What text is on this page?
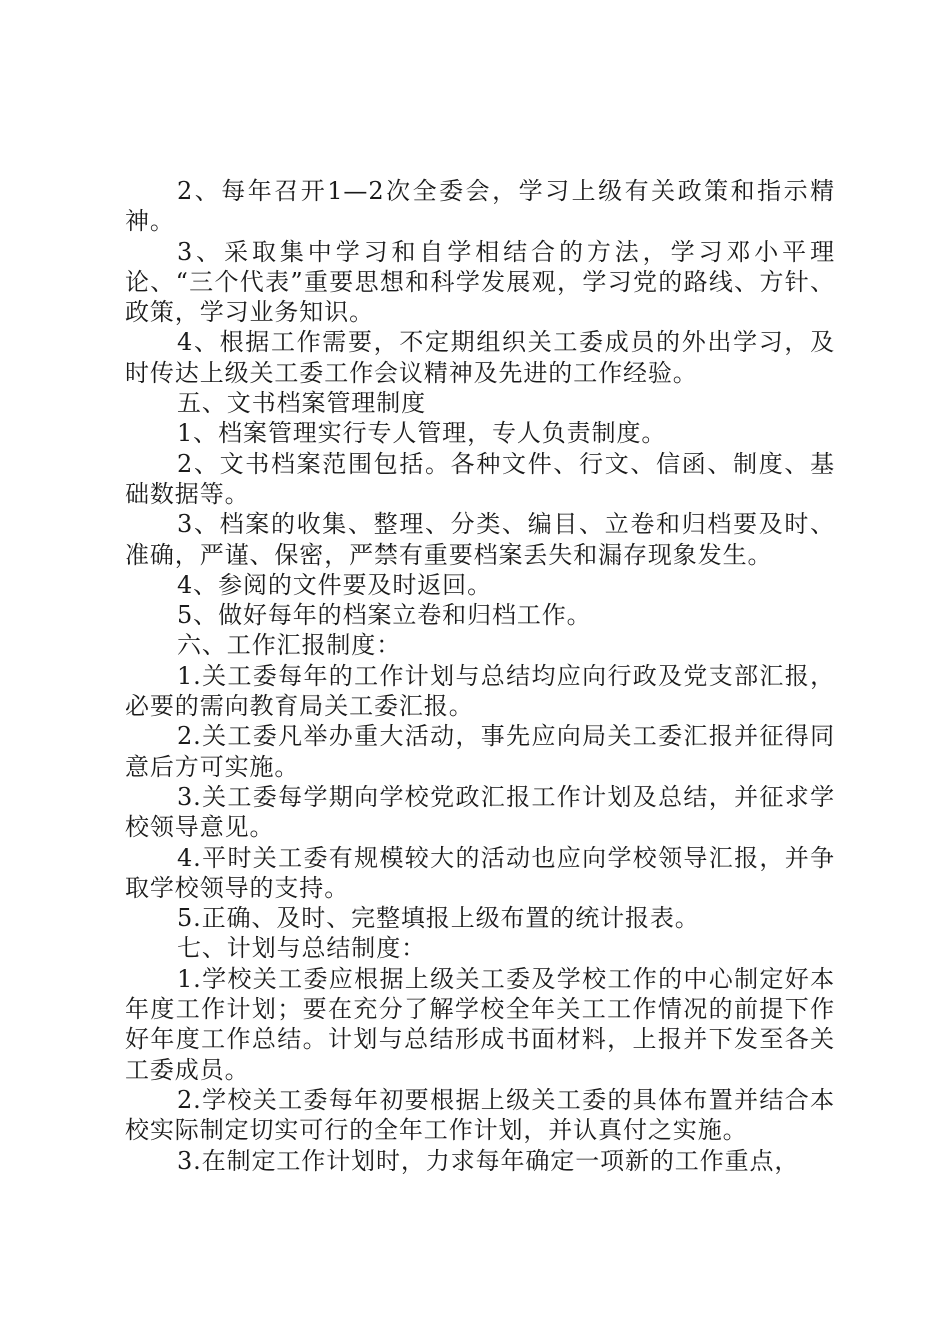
2、每年召开1—2次全委会，学习上级有关政策和指示精神。

3、采取集中学习和自学相结合的方法，学习邓小平理论、“三个代表”重要思想和科学发展观，学习党的路线、方针、政策，学习业务知识。

4、根据工作需要，不定期组织关工委成员的外出学习，及时传达上级关工委工作会议精神及先进的工作经验。

五、文书档案管理制度

1、档案管理实行专人管理，专人负责制度。

2、文书档案范围包括。各种文件、行文、信函、制度、基础数据等。

3、档案的收集、整理、分类、编目、立卷和归档要及时、准确，严谨、保密，严禁有重要档案丢失和漏存现象发生。

4、参阅的文件要及时返回。

5、做好每年的档案立卷和归档工作。

六、工作汇报制度：

1.关工委每年的工作计划与总结均应向行政及党支部汇报，必要的需向教育局关工委汇报。

2.关工委凡举办重大活动，事先应向局关工委汇报并征得同意后方可实施。

3.关工委每学期向学校党政汇报工作计划及总结，并征求学校领导意见。

4.平时关工委有规模较大的活动也应向学校领导汇报，并争取学校领导的支持。

5.正确、及时、完整填报上级布置的统计报表。

七、计划与总结制度：

1.学校关工委应根据上级关工委及学校工作的中心制定好本年度工作计划；要在充分了解学校全年关工工作情况的前提下作好年度工作总结。计划与总结形成书面材料，上报并下发至各关工委成员。

2.学校关工委每年初要根据上级关工委的具体布置并结合本校实际制定切实可行的全年工作计划，并认真付之实施。

3.在制定工作计划时，力求每年确定一项新的工作重点，
